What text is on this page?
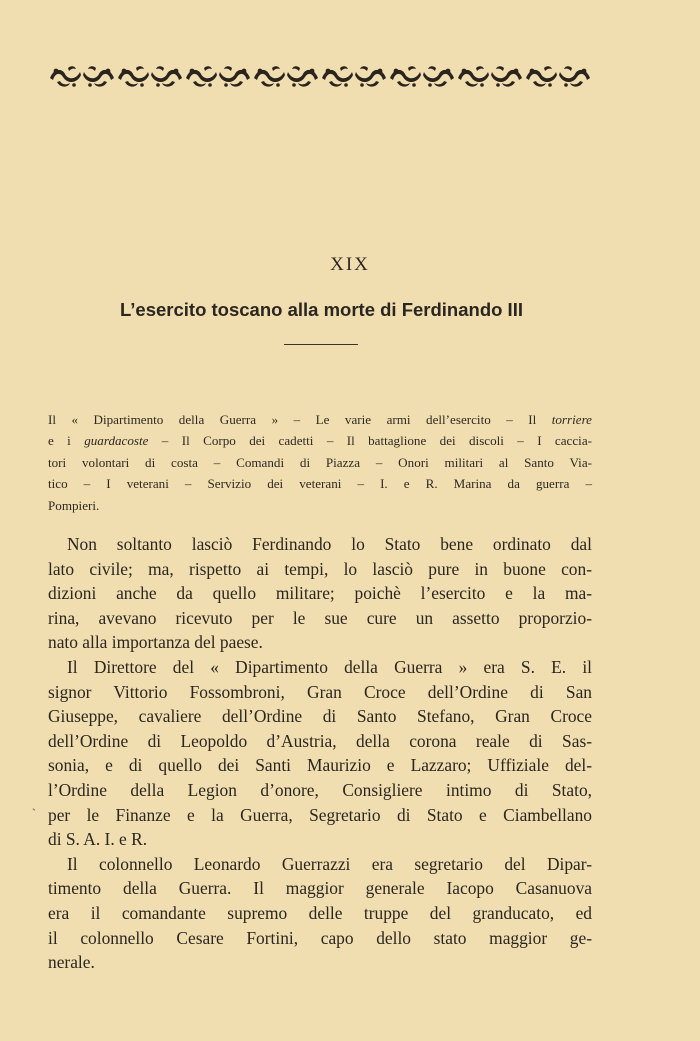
XIX
L’esercito toscano alla morte di Ferdinando III
Il « Dipartimento della Guerra » – Le varie armi dell’esercito – Il torriere
e i guardacoste – Il Corpo dei cadetti – Il battaglione dei discoli – I caccia-
tori volontari di costa – Comandi di Piazza – Onori militari al Santo Via-
tico – I veterani – Servizio dei veterani – I. e R. Marina da guerra –
Pompieri.
Non soltanto lasciò Ferdinando lo Stato bene ordinato dal
lato civile; ma, rispetto ai tempi, lo lasciò pure in buone con-
dizioni anche da quello militare; poichè l’esercito e la ma-
rina, avevano ricevuto per le sue cure un assetto proporzio-
nato alla importanza del paese.
Il Direttore del « Dipartimento della Guerra » era S. E. il
signor Vittorio Fossombroni, Gran Croce dell’Ordine di San
Giuseppe, cavaliere dell’Ordine di Santo Stefano, Gran Croce
dell’Ordine di Leopoldo d’Austria, della corona reale di Sas-
sonia, e di quello dei Santi Maurizio e Lazzaro; Uffiziale del-
l’Ordine della Legion d’onore, Consigliere intimo di Stato,
per le Finanze e la Guerra, Segretario di Stato e Ciambellano
di S. A. I. e R.
Il colonnello Leonardo Guerrazzi era segretario del Dipar-
timento della Guerra. Il maggior generale Iacopo Casanuova
era il comandante supremo delle truppe del granducato, ed
il colonnello Cesare Fortini, capo dello stato maggior ge-
nerale.
`
